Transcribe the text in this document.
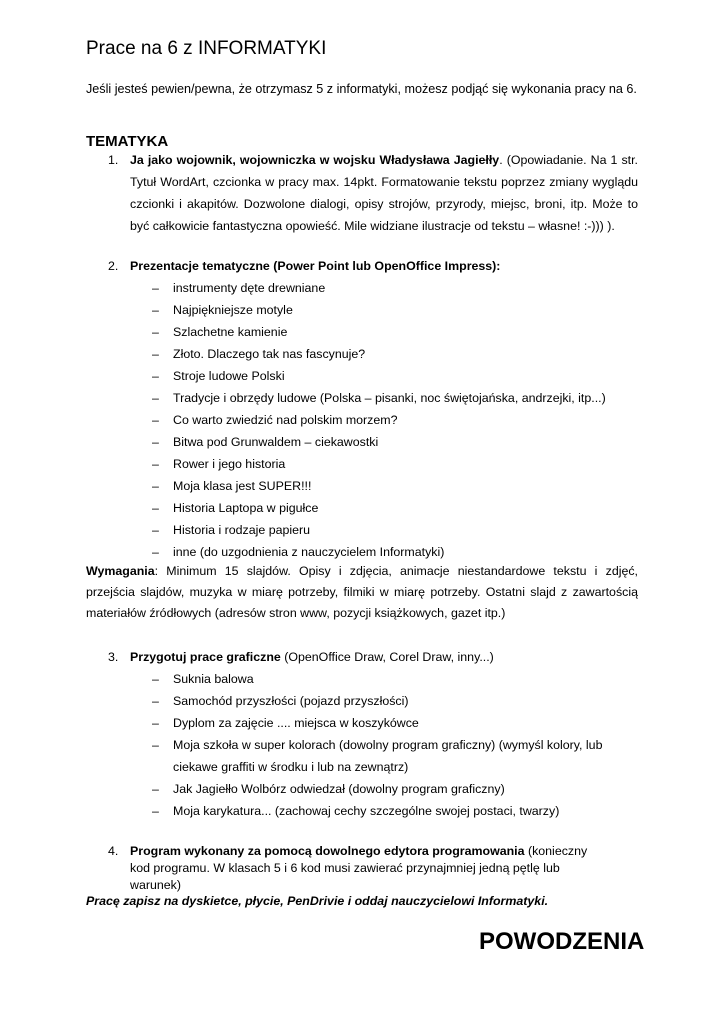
Prace na 6 z INFORMATYKI
Jeśli jesteś pewien/pewna, że otrzymasz 5 z informatyki, możesz podjąć się wykonania pracy na 6.
TEMATYKA
1. Ja jako wojownik, wojowniczka w wojsku Władysława Jagiełły. (Opowiadanie. Na 1 str. Tytuł WordArt, czcionka w pracy max. 14pkt. Formatowanie tekstu poprzez zmiany wyglądu czcionki i akapitów. Dozwolone dialogi, opisy strojów, przyrody, miejsc, broni, itp. Może to być całkowicie fantastyczna opowieść. Mile widziane ilustracje od tekstu – własne! :-))) ).
2. Prezentacje tematyczne (Power Point lub OpenOffice Impress):
– instrumenty dęte drewniane
– Najpiękniejsze motyle
– Szlachetne kamienie
– Złoto. Dlaczego tak nas fascynuje?
– Stroje ludowe Polski
– Tradycje i obrzędy ludowe (Polska – pisanki, noc świętojańska, andrzejki, itp...)
– Co warto zwiedzić nad polskim morzem?
– Bitwa pod Grunwaldem – ciekawostki
– Rower i jego historia
– Moja klasa jest SUPER!!!
– Historia Laptopa w pigułce
– Historia i rodzaje papieru
– inne (do uzgodnienia z nauczycielem Informatyki)
Wymagania: Minimum 15 slajdów. Opisy i zdjęcia, animacje niestandardowe tekstu i zdjęć, przejścia slajdów, muzyka w miarę potrzeby, filmiki w miarę potrzeby. Ostatni slajd z zawartością materiałów źródłowych (adresów stron www, pozycji książkowych, gazet itp.)
3. Przygotuj prace graficzne (OpenOffice Draw, Corel Draw, inny...)
– Suknia balowa
– Samochód przyszłości (pojazd przyszłości)
– Dyplom za zajęcie .... miejsca w koszykówce
– Moja szkoła w super kolorach (dowolny program graficzny) (wymyśl kolory, lub ciekawe graffiti w środku i lub na zewnątrz)
– Jak Jagiełło Wolbórz odwiedzał (dowolny program graficzny)
– Moja karykatura... (zachowaj cechy szczególne swojej postaci, twarzy)
4. Program wykonany za pomocą dowolnego edytora programowania (konieczny kod programu. W klasach 5 i 6 kod musi zawierać przynajmniej jedną pętlę lub warunek)
Pracę zapisz na dyskietce, płycie, PenDrivie i oddaj nauczycielowi Informatyki.
POWODZENIA
